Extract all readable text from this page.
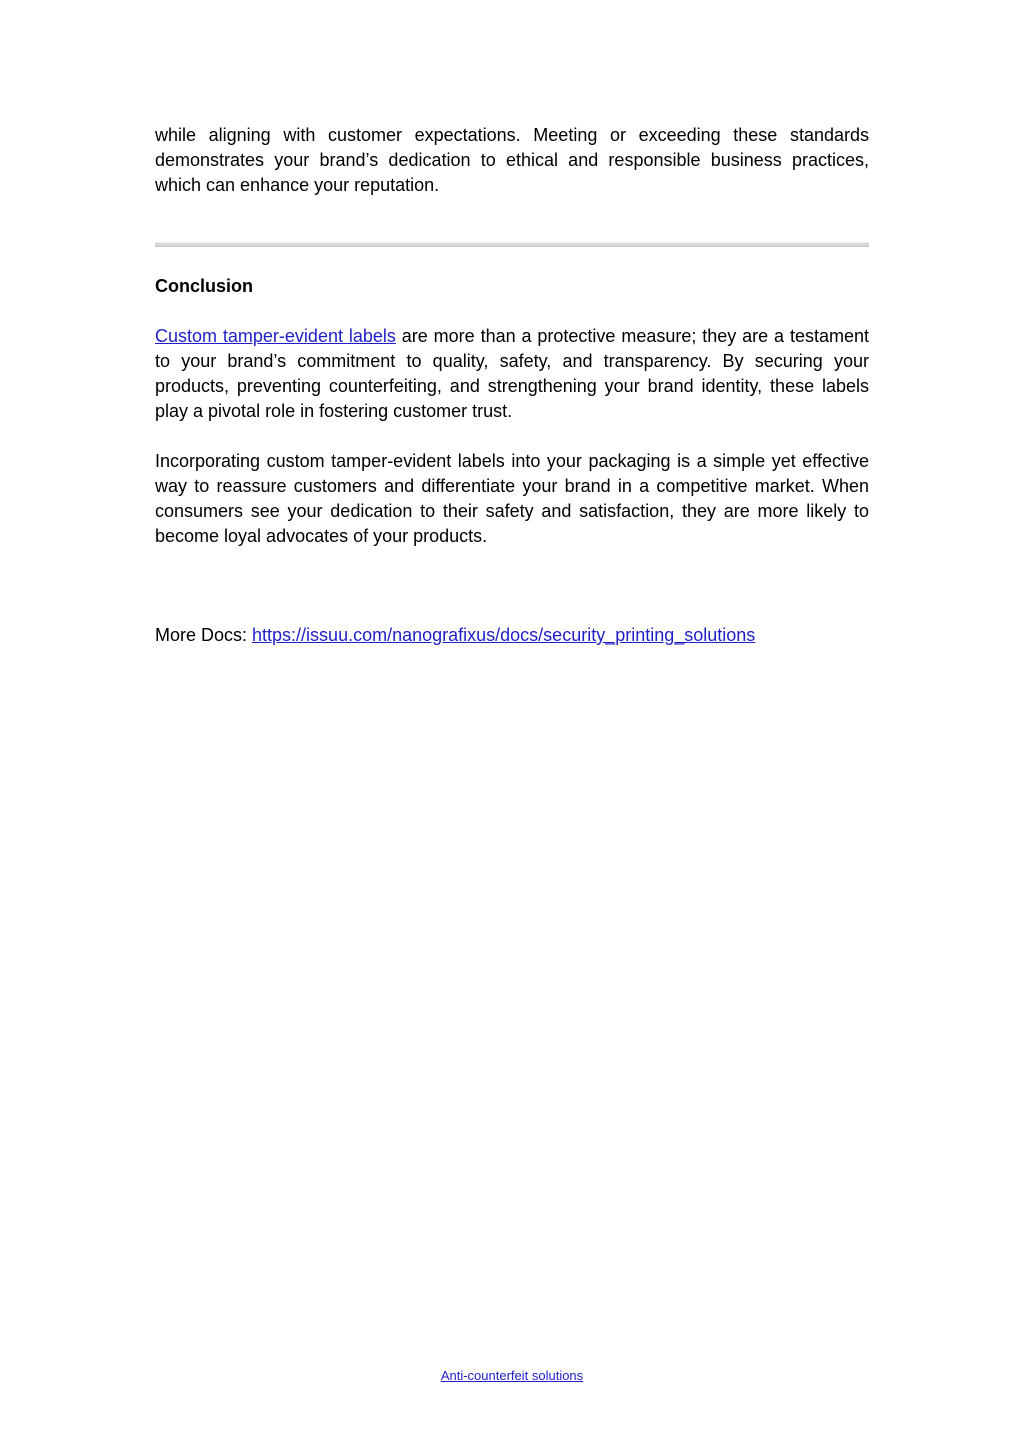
while aligning with customer expectations. Meeting or exceeding these standards demonstrates your brand’s dedication to ethical and responsible business practices, which can enhance your reputation.

Conclusion

Custom tamper-evident labels are more than a protective measure; they are a testament to your brand’s commitment to quality, safety, and transparency. By securing your products, preventing counterfeiting, and strengthening your brand identity, these labels play a pivotal role in fostering customer trust.

Incorporating custom tamper-evident labels into your packaging is a simple yet effective way to reassure customers and differentiate your brand in a competitive market. When consumers see your dedication to their safety and satisfaction, they are more likely to become loyal advocates of your products.

More Docs: https://issuu.com/nanografixus/docs/security_printing_solutions

Anti-counterfeit solutions
